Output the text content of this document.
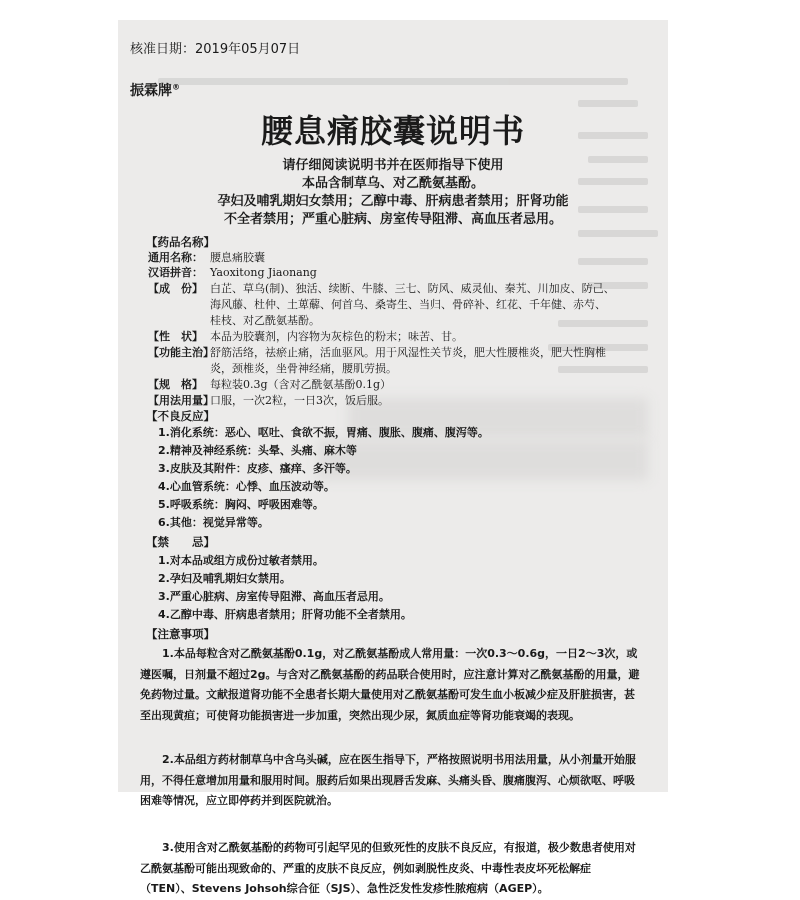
核准日期：2019年05月07日
振霖牌®
腰息痛胶囊说明书
请仔细阅读说明书并在医师指导下使用
本品含制草乌、对乙酰氨基酚。
孕妇及哺乳期妇女禁用；乙醇中毒、肝病患者禁用；肝肾功能
不全者禁用；严重心脏病、房室传导阻滞、高血压者忌用。
【药品名称】
通用名称： 腰息痛胶囊
汉语拼音： Yaoxitong Jiaonang
【成　份】 白芷、草乌(制)、独活、续断、牛膝、三七、防风、威灵仙、秦艽、川加皮、防己、
海风藤、杜仲、土萆薢、何首乌、桑寄生、当归、骨碎补、红花、千年健、赤芍、
桂枝、对乙酰氨基酚。
【性　状】 本品为胶囊剂，内容物为灰棕色的粉末；味苦、甘。
【功能主治】舒筋活络，祛瘀止痛，活血驱风。用于风湿性关节炎，肥大性腰椎炎，肥大性胸椎
炎，颈椎炎，坐骨神经痛，腰肌劳损。
【规　格】 每粒装0.3g（含对乙酰氨基酚0.1g）
【用法用量】口服，一次2粒，一日3次，饭后服。
【不良反应】
1.消化系统：恶心、呕吐、食欲不振，胃痛、腹胀、腹痛、腹泻等。
2.精神及神经系统：头晕、头痛、麻木等
3.皮肤及其附件：皮疹、瘙痒、多汗等。
4.心血管系统：心悸、血压波动等。
5.呼吸系统：胸闷、呼吸困难等。
6.其他：视觉异常等。
【禁　　忌】
1.对本品或组方成份过敏者禁用。
2.孕妇及哺乳期妇女禁用。
3.严重心脏病、房室传导阻滞、高血压者忌用。
4.乙醇中毒、肝病患者禁用；肝肾功能不全者禁用。
【注意事项】
1.本品每粒含对乙酰氨基酚0.1g，对乙酰氨基酚成人常用量：一次0.3～0.6g，一日2～3次，或遵医嘱，日剂量不超过2g。与含对乙酰氨基酚的药品联合使用时，应注意计算对乙酰氨基酚的用量，避免药物过量。文献报道肾功能不全患者长期大量使用对乙酰氨基酚可发生血小板减少症及肝脏损害，甚至出现黄疸；可使肾功能损害进一步加重，突然出现少尿，氮质血症等肾功能衰竭的表现。
2.本品组方药材制草乌中含乌头碱，应在医生指导下，严格按照说明书用法用量，从小剂量开始服用，不得任意增加用量和服用时间。服药后如果出现唇舌发麻、头痛头昏、腹痛腹泻、心烦欲呕、呼吸困难等情况，应立即停药并到医院就治。
3.使用含对乙酰氨基酚的药物可引起罕见的但致死性的皮肤不良反应，有报道，极少数患者使用对乙酰氨基酚可能出现致命的、严重的皮肤不良反应，例如剥脱性皮炎、中毒性表皮坏死松解症（TEN）、Stevens Johsoh综合征（SJS）、急性泛发性发疹性脓疱病（AGEP）。
